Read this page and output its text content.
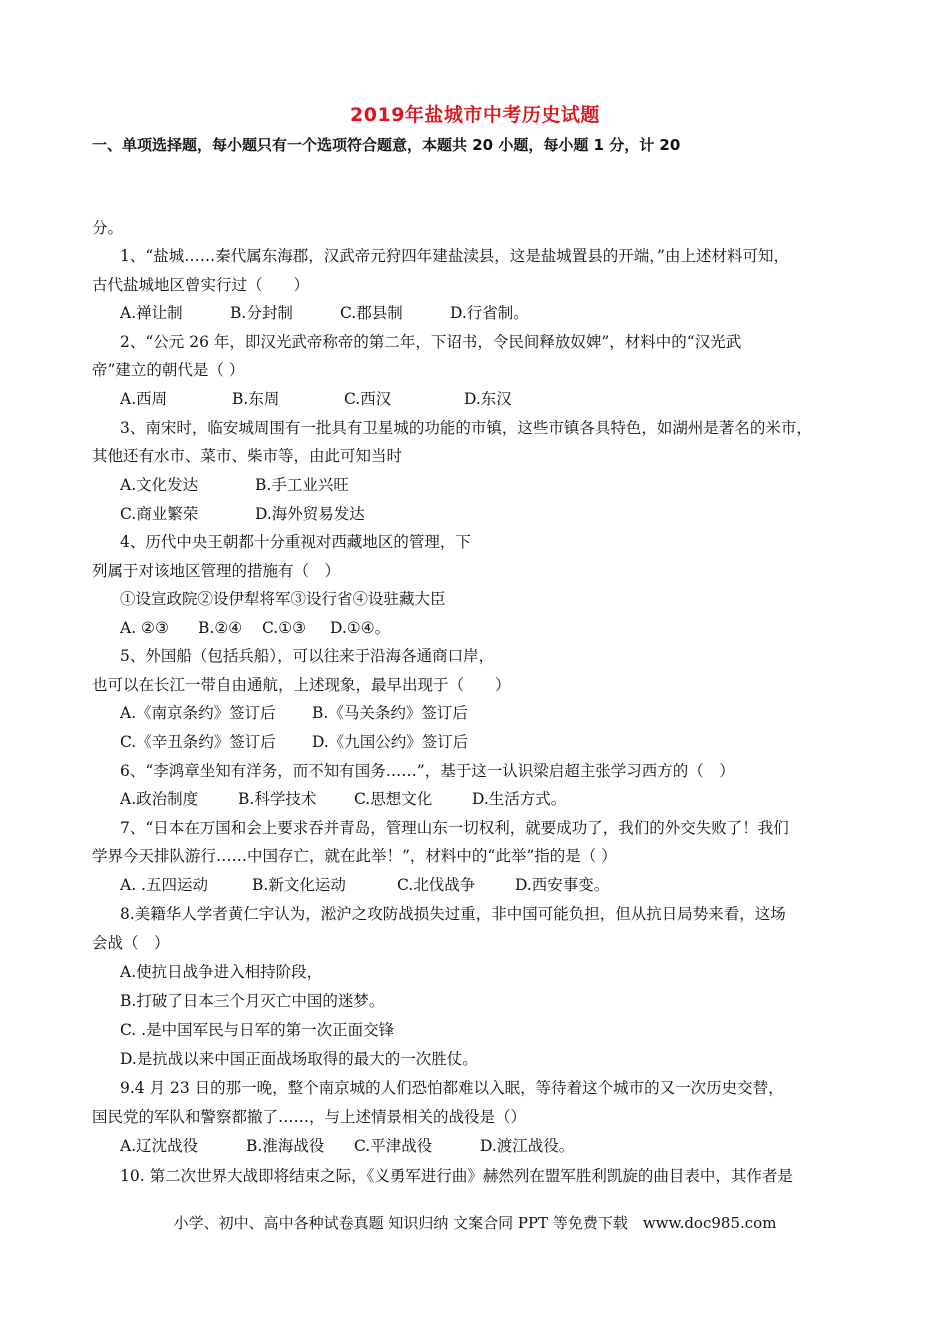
2019年盐城市中考历史试题
一、单项选择题，每小题只有一个选项符合题意，本题共 20 小题，每小题 1 分，计 20
分。
1、“盐城……秦代属东海郡，汉武帝元狩四年建盐渎县，这是盐城置县的开端，”由上述材料可知，
古代盐城地区曾实行过（　　）
A.禅让制	B.分封制	C.郡县制	D.行省制。
2、“公元 26 年，即汉光武帝称帝的第二年，下诏书，令民间释放奴婢”，材料中的“汉光武
帝”建立的朝代是（ ）
A.西周	B.东周	C.西汉	D.东汉
3、南宋时，临安城周围有一批具有卫星城的功能的市镇，这些市镇各具特色，如湖州是著名的米市，
其他还有水市、菜市、柴市等，由此可知当时
A.文化发达	B.手工业兴旺
C.商业繁荣	D.海外贸易发达
4、历代中央王朝都十分重视对西藏地区的管理，下
列属于对该地区管理的措施有（　）
①设宣政院②设伊犁将军③设行省④设驻藏大臣
A. ②③ B.②④ C.①③ D.①④。
5、外国船（包括兵船），可以往来于沿海各通商口岸，
也可以在长江一带自由通航，上述现象，最早出现于（　　）
A.《南京条约》签订后 B.《马关条约》签订后
C.《辛丑条约》签订后 D.《九国公约》签订后
6、“李鸿章坐知有洋务，而不知有国务……”，基于这一认识梁启超主张学习西方的（　）
A.政治制度	B.科学技术 C.思想文化	D.生活方式。
7、“日本在万国和会上要求吞并青岛，管理山东一切权利，就要成功了，我们的外交失败了！我们
学界今天排队游行……中国存亡，就在此举！”，材料中的“此举”指的是（ ）
A. .五四运动	B.新文化运动	C.北伐战争	D.西安事变。
8.美籍华人学者黄仁宇认为，淞沪之攻防战损失过重，非中国可能负担，但从抗日局势来看，这场
会战（　）
A.使抗日战争进入相持阶段，
B.打破了日本三个月灭亡中国的迷梦。
C. .是中国军民与日军的第一次正面交锋
D.是抗战以来中国正面战场取得的最大的一次胜仗。
9.4 月 23 日的那一晚，整个南京城的人们恐怕都难以入眠，等待着这个城市的又一次历史交替，
国民党的军队和警察都撤了……，与上述情景相关的战役是（）
A.辽沈战役	B.淮海战役 C.平津战役	D.渡江战役。
10. 第二次世界大战即将结束之际，《义勇军进行曲》赫然列在盟军胜利凯旋的曲目表中，其作者是
小学、初中、高中各种试卷真题 知识归纳 文案合同 PPT 等免费下载　www.doc985.com
